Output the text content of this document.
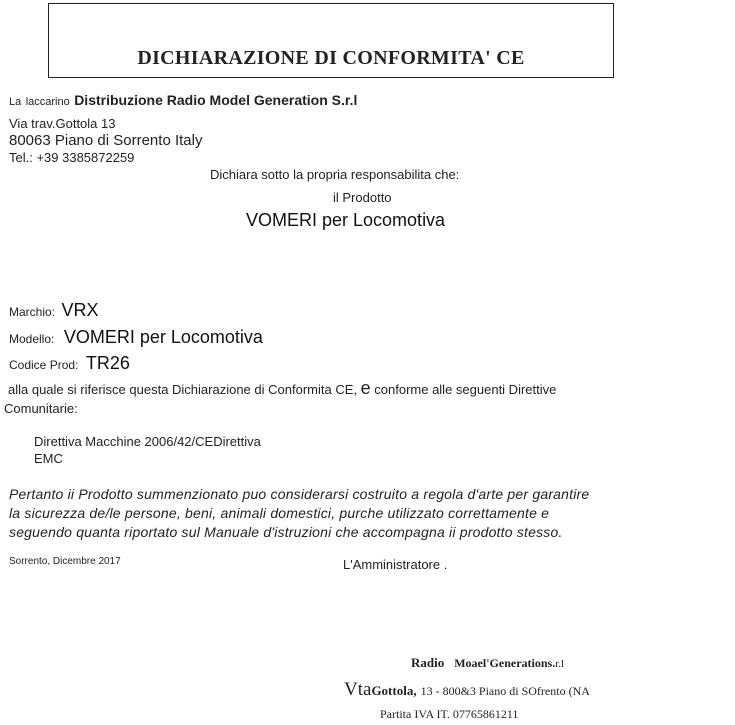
DICHIARAZIONE DI CONFORMITA' CE
La laccarino Distribuzione Radio Model Generation S.r.l
Via trav.Gottola 13
80063 Piano di Sorrento Italy
Tel.: +39 3385872259
Dichiara sotto la propria responsabilita che:
il Prodotto
VOMERI per Locomotiva
Marchio: VRX
Modello: VOMERI per Locomotiva
Codice Prod: TR26
alla quale si riferisce questa Dichiarazione di Conformita CE, e conforme alle seguenti Direttive
Comunitarie:
Direttiva Macchine 2006/42/CEDirettiva
EMC
Pertanto ii Prodotto summenzionato puo considerarsi costruito a regola d'arte per garantire
la sicurezza de/le persone, beni, animali domestici, purche utilizzato correttamente e
seguendo quanta riportato sul Manuale d'istruzioni che accompagna ii prodotto stesso.
Sorrento, Dicembre 2017	L'Amministratore .
Radio Moael'Generations.r.l
VtaGottola, 13 - 800&3 Piano di SOfrento (NA
Partita IVA IT. 07765861211
